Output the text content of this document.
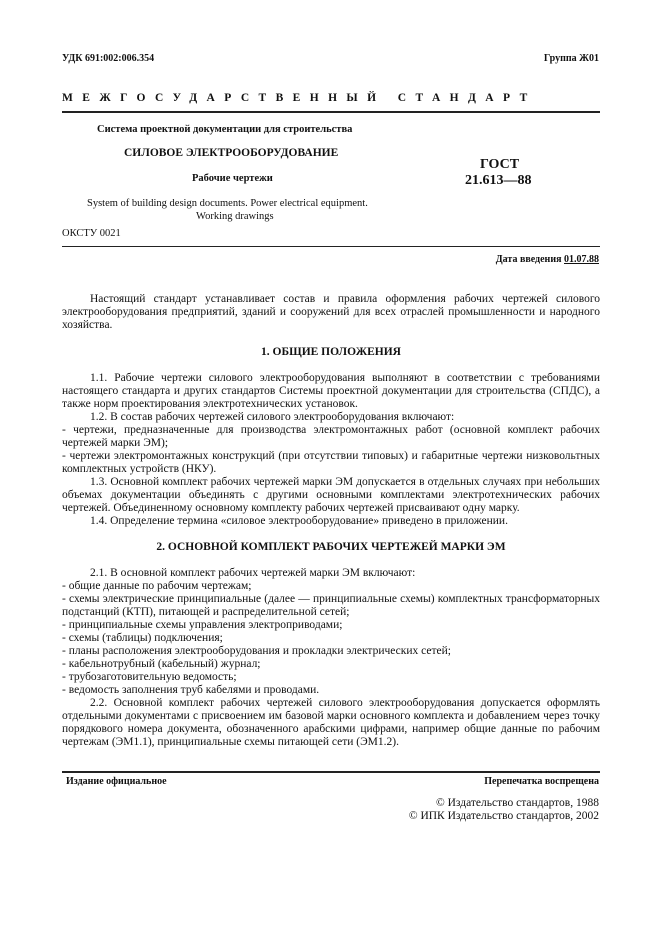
УДК 691:002:006.354	Группа Ж01
МЕЖГОСУДАРСТВЕННЫЙ СТАНДАРТ
Система проектной документации для строительства
СИЛОВОЕ ЭЛЕКТРООБОРУДОВАНИЕ
Рабочие чертежи
ГОСТ
21.613—88
System of building design documents. Power electrical equipment.
Working drawings
ОКСТУ 0021
Дата введения 01.07.88

Настоящий стандарт устанавливает состав и правила оформления рабочих чертежей силового электрооборудования предприятий, зданий и сооружений для всех отраслей промышленности и народного хозяйства.

1. ОБЩИЕ ПОЛОЖЕНИЯ

1.1. Рабочие чертежи силового электрооборудования выполняют в соответствии с требованиями настоящего стандарта и других стандартов Системы проектной документации для строительства (СПДС), а также норм проектирования электротехнических установок.

1.2. В состав рабочих чертежей силового электрооборудования включают:

- чертежи, предназначенные для производства электромонтажных работ (основной комплект рабочих чертежей марки ЭМ);

- чертежи электромонтажных конструкций (при отсутствии типовых) и габаритные чертежи низковольтных комплектных устройств (НКУ).

1.3. Основной комплект рабочих чертежей марки ЭМ допускается в отдельных случаях при небольших объемах документации объединять с другими основными комплектами электротехнических рабочих чертежей. Объединенному основному комплекту рабочих чертежей присваивают одну марку.

1.4. Определение термина «силовое электрооборудование» приведено в приложении.

2. ОСНОВНОЙ КОМПЛЕКТ РАБОЧИХ ЧЕРТЕЖЕЙ МАРКИ ЭМ

2.1. В основной комплект рабочих чертежей марки ЭМ включают:

- общие данные по рабочим чертежам;

- схемы электрические принципиальные (далее — принципиальные схемы) комплектных трансформаторных подстанций (КТП), питающей и распределительной сетей;

- принципиальные схемы управления электроприводами;

- схемы (таблицы) подключения;

- планы расположения электрооборудования и прокладки электрических сетей;

- кабельнотрубный (кабельный) журнал;

- трубозаготовительную ведомость;

- ведомость заполнения труб кабелями и проводами.

2.2. Основной комплект рабочих чертежей силового электрооборудования допускается оформлять отдельными документами с присвоением им базовой марки основного комплекта и добавлением через точку порядкового номера документа, обозначенного арабскими цифрами, например общие данные по рабочим чертежам (ЭМ1.1), принципиальные схемы питающей сети (ЭМ1.2).

Издание официальное	Перепечатка воспрещена
© Издательство стандартов, 1988
© ИПК Издательство стандартов, 2002
